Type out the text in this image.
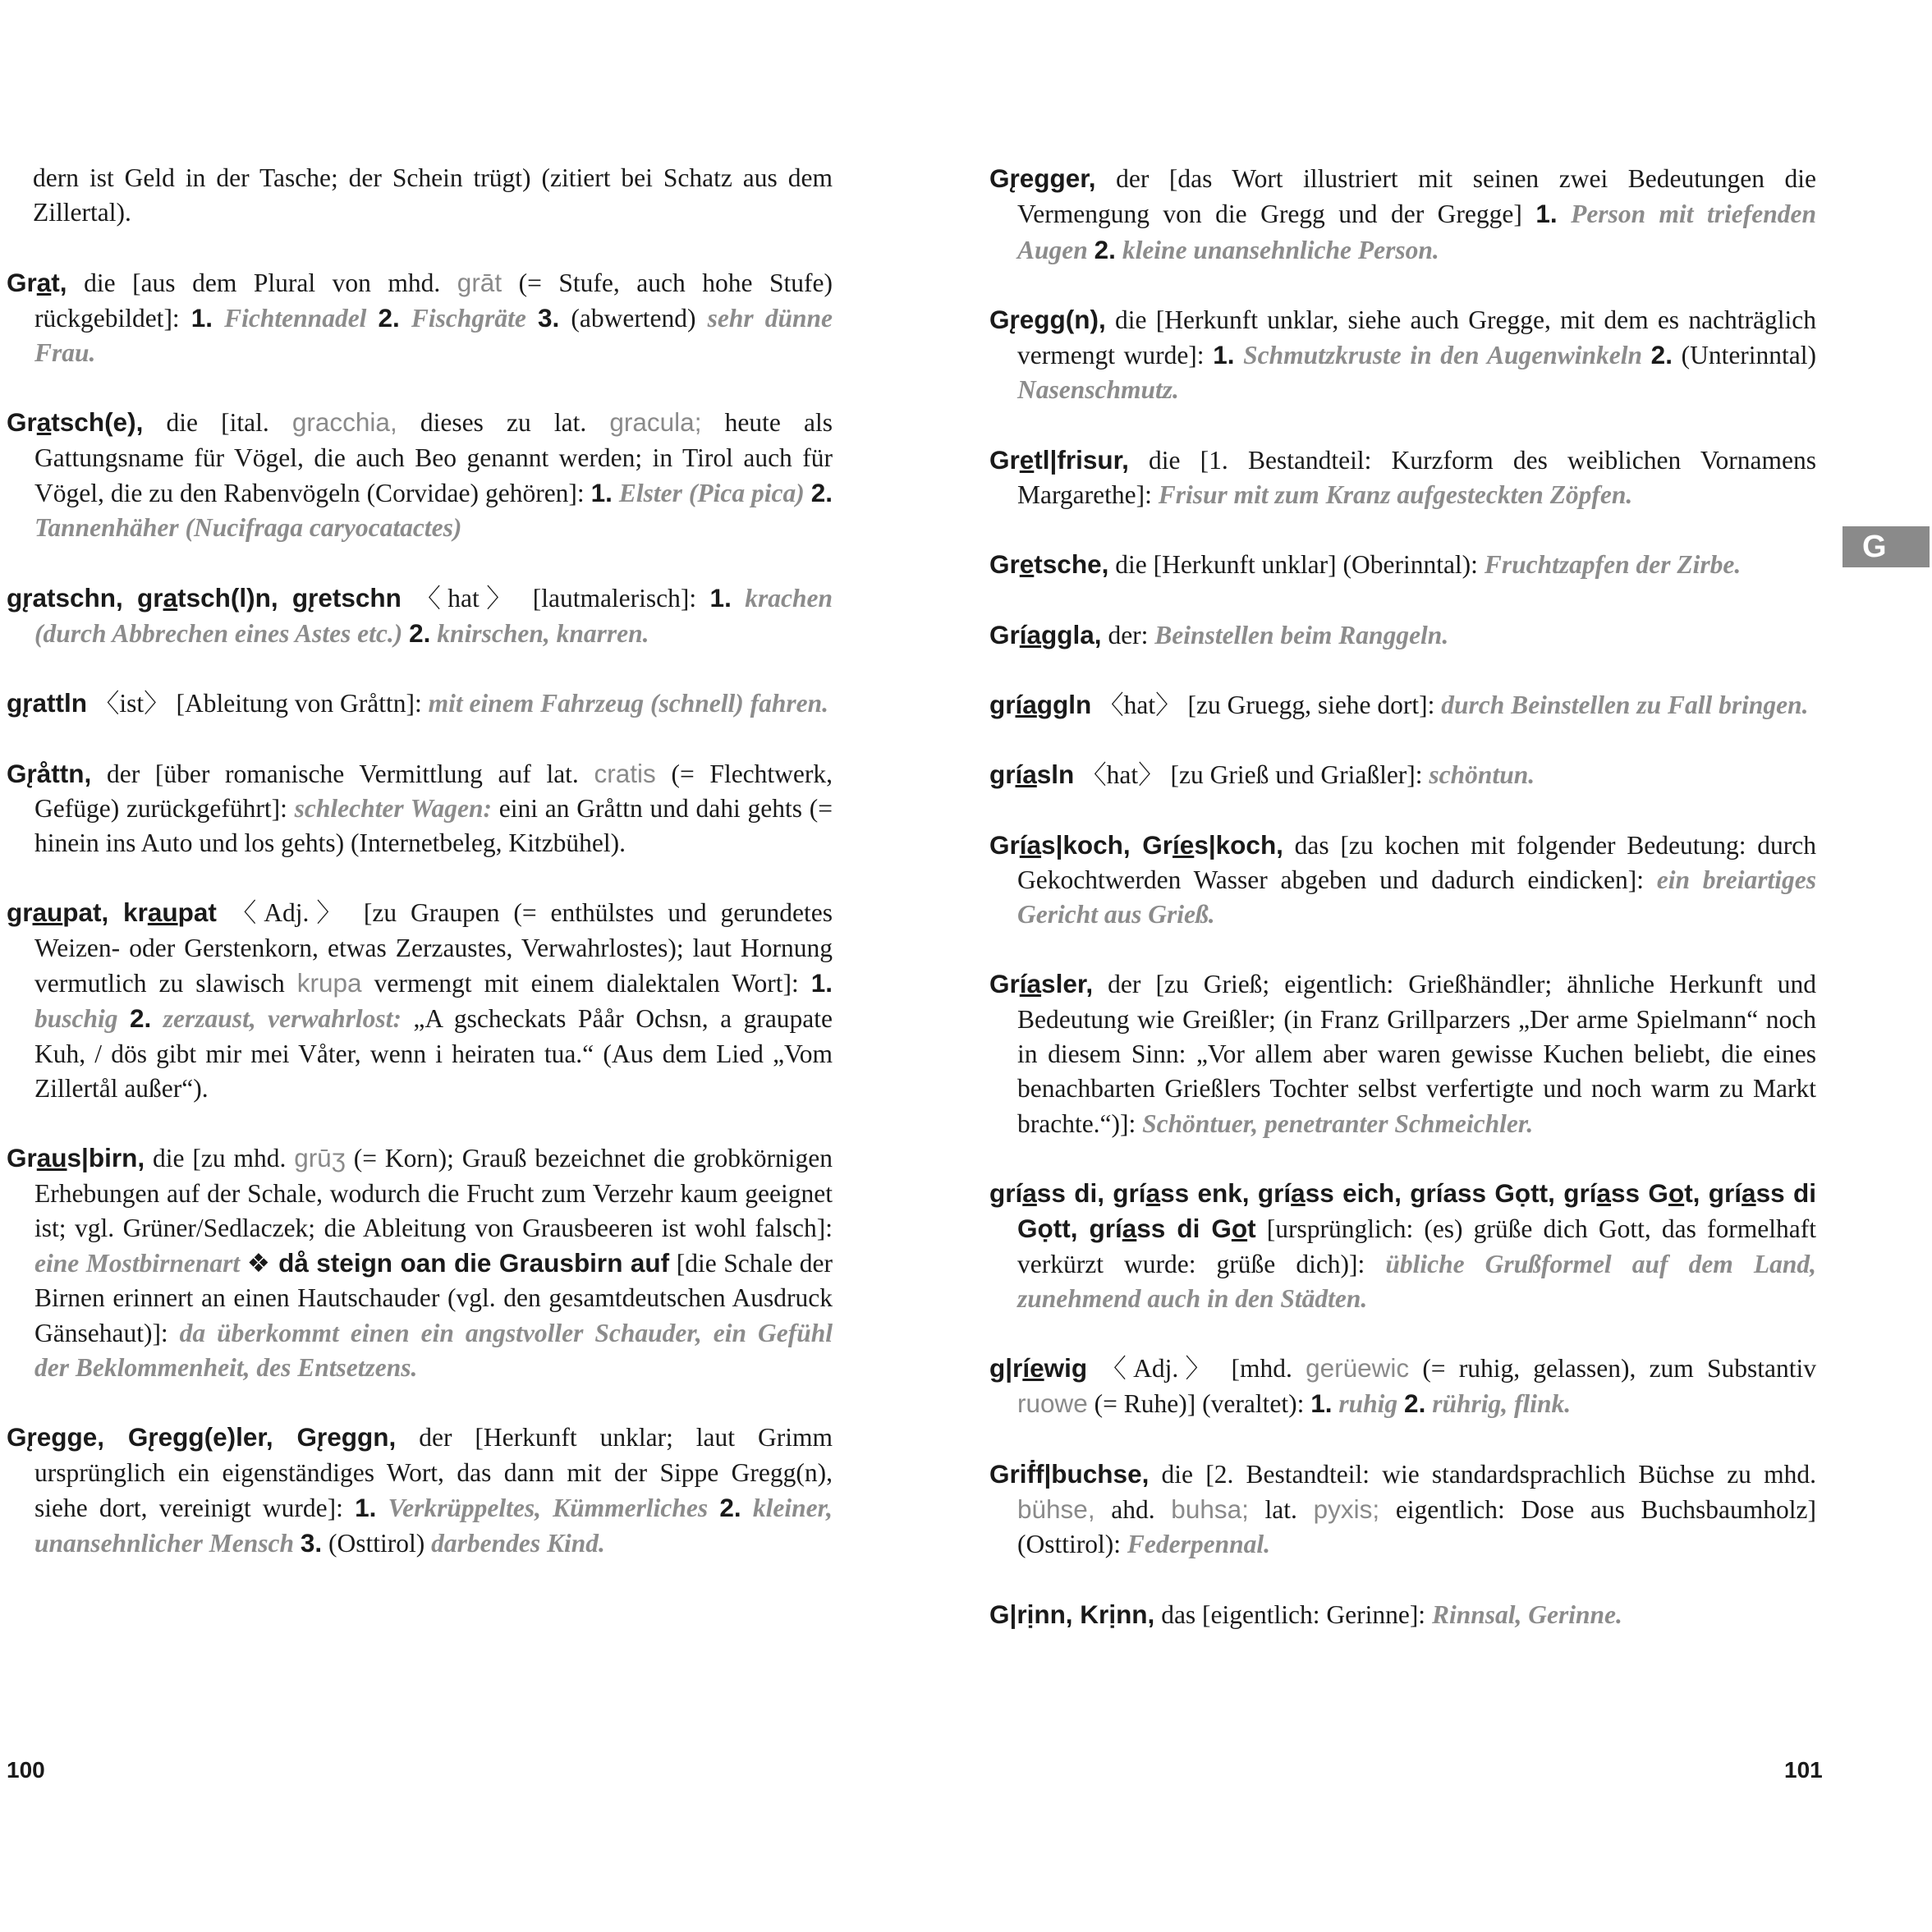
dern ist Geld in der Tasche; der Schein trügt) (zitiert bei Schatz aus dem Zillertal).
Grat, die [aus dem Plural von mhd. grāt (= Stufe, auch hohe Stufe) rückgebildet]: 1. Fichtennadel 2. Fischgräte 3. (abwertend) sehr dünne Frau.
Gratsch(e), die [ital. gracchia, dieses zu lat. gracula; heute als Gattungsname für Vögel, die auch Beo genannt werden; in Tirol auch für Vögel, die zu den Rabenvögeln (Corvidae) gehören]: 1. Elster (Pica pica) 2. Tannenhäher (Nucifraga caryocatactes)
gr̨atschn, gratsch(l)n, gr̨etschn 〈hat〉 [lautmalerisch]: 1. krachen (durch Abbrechen eines Astes etc.) 2. knirschen, knarren.
gr̨attln 〈ist〉 [Ableitung von Gråttn]: mit einem Fahrzeug (schnell) fahren.
Gr̨åttn, der [über romanische Vermittlung auf lat. cratis (= Flechtwerk, Gefüge) zurückgeführt]: schlechter Wagen: eini an Gråttn und dahi gehts (= hinein ins Auto und los gehts) (Internetbeleg, Kitzbühel).
graupat, kraupat 〈Adj.〉 [zu Graupen (= enthülstes und gerundetes Weizen- oder Gerstenkorn, etwas Zerzaustes, Verwahrlostes); laut Hornung vermutlich zu slawisch krupa vermengt mit einem dialektalen Wort]: 1. buschig 2. zerzaust, verwahrlost: „A gscheckats Påår Ochsn, a graupate Kuh, / dös gibt mir mei Våter, wenn i heiraten tua.“ (Aus dem Lied „Vom Zillertål außer“).
Graus|birn, die [zu mhd. grūʒ (= Korn); Grauß bezeichnet die grobkörnigen Erhebungen auf der Schale, wodurch die Frucht zum Verzehr kaum geeignet ist; vgl. Grüner/Sedlaczek; die Ableitung von Grausbeeren ist wohl falsch]: eine Mostbirnenart ❖ då steign oan die Grausbirn auf [die Schale der Birnen erinnert an einen Hautschauder (vgl. den gesamtdeutschen Ausdruck Gänsehaut)]: da überkommt einen ein angstvoller Schauder, ein Gefühl der Beklommenheit, des Entsetzens.
Gr̨egge, Gr̨egg(e)ler, Gr̨eggn, der [Herkunft unklar; laut Grimm ursprünglich ein eigenständiges Wort, das dann mit der Sippe Gregg(n), siehe dort, vereinigt wurde]: 1. Verkrüppeltes, Kümmerliches 2. kleiner, unansehnlicher Mensch 3. (Osttirol) darbendes Kind.
Gr̨egger, der [das Wort illustriert mit seinen zwei Bedeutungen die Vermengung von die Gregg und der Gregge] 1. Person mit triefenden Augen 2. kleine unansehnliche Person.
Gr̨egg(n), die [Herkunft unklar, siehe auch Gregge, mit dem es nachträglich vermengt wurde]: 1. Schmutzkruste in den Augenwinkeln 2. (Unterinntal) Nasenschmutz.
Gretl|frisur, die [1. Bestandteil: Kurzform des weiblichen Vornamens Margarethe]: Frisur mit zum Kranz aufgesteckten Zöpfen.
Gretsche, die [Herkunft unklar] (Oberinntal): Fruchtzapfen der Zirbe.
Gríaggla, der: Beinstellen beim Ranggeln.
gríaggln 〈hat〉 [zu Gruegg, siehe dort]: durch Beinstellen zu Fall bringen.
gríasln 〈hat〉 [zu Grieß und Griaßler]: schöntun.
Grías|koch, Gríes|koch, das [zu kochen mit folgender Bedeutung: durch Gekochtwerden Wasser abgeben und dadurch eindicken]: ein breiartiges Gericht aus Grieß.
Gríasler, der [zu Grieß; eigentlich: Grießhändler; ähnliche Herkunft und Bedeutung wie Greißler; (in Franz Grillparzers „Der arme Spielmann“ noch in diesem Sinn: „Vor allem aber waren gewisse Kuchen beliebt, die eines benachbarten Grießlers Tochter selbst verfertigte und noch warm zu Markt brachte.“)]: Schöntuer, penetranter Schmeichler.
gríass di, gríass enk, gríass eich, gríass Gọtt, gríass Got, gríass di Gọtt, gríass di Got [ursprünglich: (es) grüße dich Gott, das formelhaft verkürzt wurde: grüße dich)]: übliche Grußformel auf dem Land, zunehmend auch in den Städten.
g|ríewig 〈Adj.〉 [mhd. gerüewic (= ruhig, gelassen), zum Substantiv ruowe (= Ruhe)] (veraltet): 1. ruhig 2. rührig, flink.
Griḟf|buchse, die [2. Bestandteil: wie standardsprachlich Büchse zu mhd. bühse, ahd. buhsa; lat. pyxis; eigentlich: Dose aus Buchsbaumholz] (Osttirol): Federpennal.
G|rịnn, Krịnn, das [eigentlich: Gerinne]: Rinnsal, Gerinne.
100	101
G
